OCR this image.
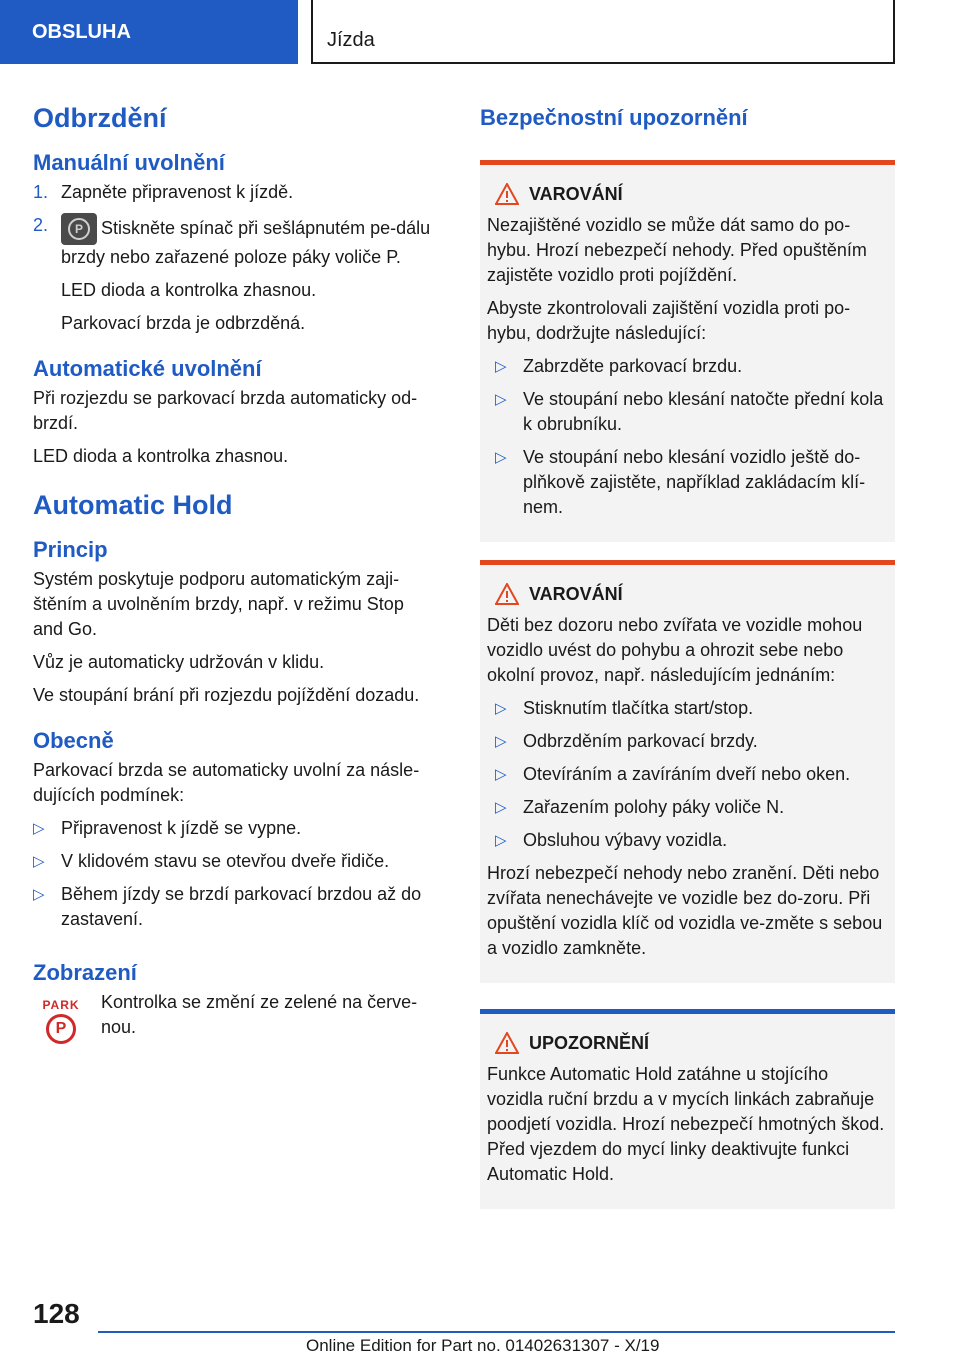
OBSLUHA	Jízda
Odbrzdění
Manuální uvolnění
1. Zapněte připravenost k jízdě.
2.	P	Stiskněte spínač při sešlápnutém pe-dálu brzdy nebo zařazené poloze páky voliče P.
LED dioda a kontrolka zhasnou.
Parkovací brzda je odbrzděná.
Automatické uvolnění

Při rozjezdu se parkovací brzda automaticky od-brzdí.

LED dioda a kontrolka zhasnou.

Automatic Hold
Princip

Systém poskytuje podporu automatickým zaji-štěním a uvolněním brzdy, např. v režimu Stop and Go.

Vůz je automaticky udržován v klidu.

Ve stoupání brání při rozjezdu pojíždění dozadu.

Obecně

Parkovací brzda se automaticky uvolní za násle-dujících podmínek:

▷ Připravenost k jízdě se vypne.
▷ V klidovém stavu se otevřou dveře řidiče.
▷ Během jízdy se brzdí parkovací brzdou až do zastavení.
Zobrazení
PARK
P

Kontrolka se změní ze zelené na červe-nou.

Bezpečnostní upozornění
VAROVÁNÍ

Nezajištěné vozidlo se může dát samo do po-hybu. Hrozí nebezpečí nehody. Před opuštěním zajistěte vozidlo proti pojíždění.

Abyste zkontrolovali zajištění vozidla proti po-hybu, dodržujte následující:

▷ Zabrzděte parkovací brzdu.
▷ Ve stoupání nebo klesání natočte přední kola k obrubníku.
▷ Ve stoupání nebo klesání vozidlo ještě do-plňkově zajistěte, například zakládacím klí-nem.
VAROVÁNÍ

Děti bez dozoru nebo zvířata ve vozidle mohou vozidlo uvést do pohybu a ohrozit sebe nebo okolní provoz, např. následujícím jednáním:

▷ Stisknutím tlačítka start/stop.
▷ Odbrzděním parkovací brzdy.
▷ Otevíráním a zavíráním dveří nebo oken.
▷ Zařazením polohy páky voliče N.
▷ Obsluhou výbavy vozidla.

Hrozí nebezpečí nehody nebo zranění. Děti nebo zvířata nenechávejte ve vozidle bez do-zoru. Při opuštění vozidla klíč od vozidla ve-změte s sebou a vozidlo zamkněte.

UPOZORNĚNÍ

Funkce Automatic Hold zatáhne u stojícího vozidla ruční brzdu a v mycích linkách zabraňuje poodjetí vozidla. Hrozí nebezpečí hmotných škod. Před vjezdem do mycí linky deaktivujte funkci Automatic Hold.

128
Online Edition for Part no. 01402631307 - X/19
